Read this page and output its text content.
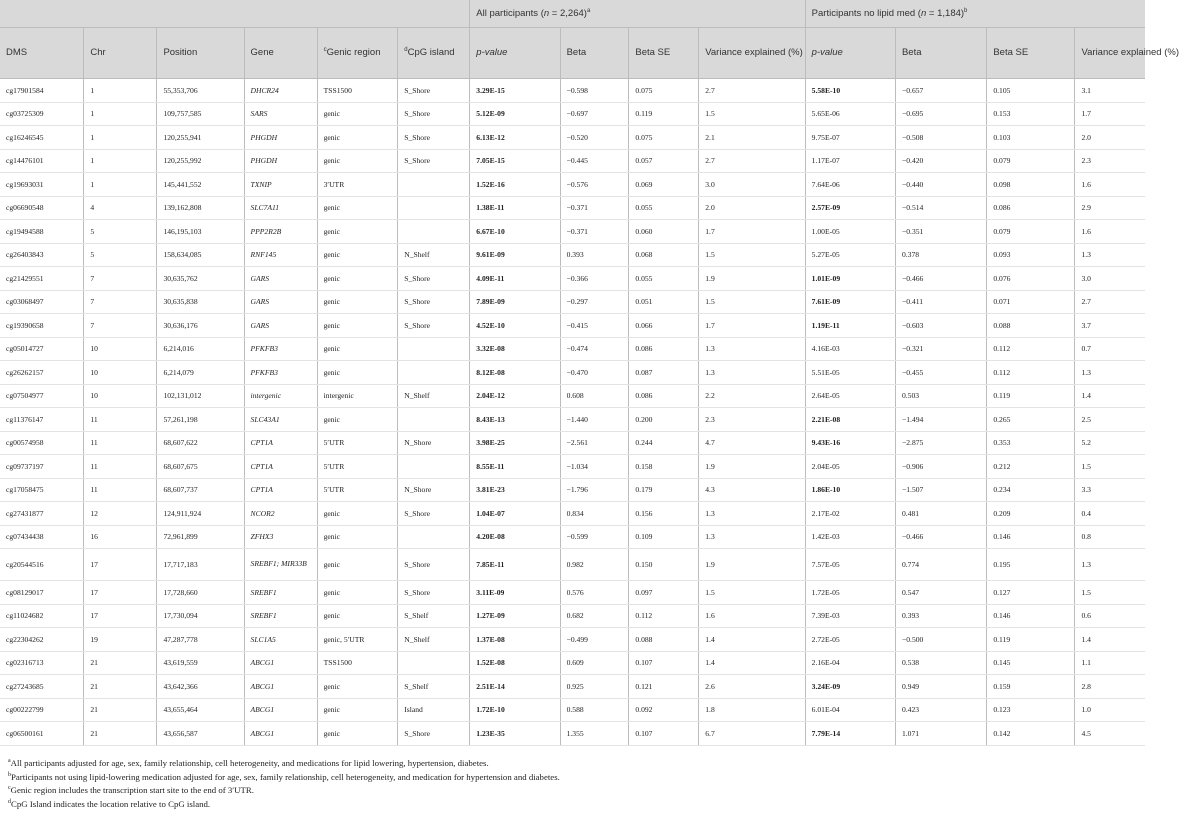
						All participants (n = 2,264)$^a$				Participants no lipid med (n = 1,184)$^b$
DMS	Chr	Position	Gene	$^c$Genic region	$^d$CpG island	p-value	Beta	Beta SE	Variance explained (%)	p-value	Beta	Beta SE	Variance explained (%)
cg17901584	1	55,353,706	DHCR24	TSS1500	S_Shore	3.29E-15	−0.598	0.075	2.7	5.58E-10	−0.657	0.105	3.1
cg03725309	1	109,757,585	SARS	genic	S_Shore	5.12E-09	−0.697	0.119	1.5	5.65E-06	−0.695	0.153	1.7
cg16246545	1	120,255,941	PHGDH	genic	S_Shore	6.13E-12	−0.520	0.075	2.1	9.75E-07	−0.508	0.103	2.0
cg14476101	1	120,255,992	PHGDH	genic	S_Shore	7.05E-15	−0.445	0.057	2.7	1.17E-07	−0.420	0.079	2.3
cg19693031	1	145,441,552	TXNIP	3′UTR		1.52E-16	−0.576	0.069	3.0	7.64E-06	−0.440	0.098	1.6
cg06690548	4	139,162,808	SLC7A11	genic		1.38E-11	−0.371	0.055	2.0	2.57E-09	−0.514	0.086	2.9
cg19494588	5	146,195,103	PPP2R2B	genic		6.67E-10	−0.371	0.060	1.7	1.00E-05	−0.351	0.079	1.6
cg26403843	5	158,634,085	RNF145	genic	N_Shelf	9.61E-09	0.393	0.068	1.5	5.27E-05	0.378	0.093	1.3
cg21429551	7	30,635,762	GARS	genic	S_Shore	4.09E-11	−0.366	0.055	1.9	1.01E-09	−0.466	0.076	3.0
cg03068497	7	30,635,838	GARS	genic	S_Shore	7.89E-09	−0.297	0.051	1.5	7.61E-09	−0.411	0.071	2.7
cg19390658	7	30,636,176	GARS	genic	S_Shore	4.52E-10	−0.415	0.066	1.7	1.19E-11	−0.603	0.088	3.7
cg05014727	10	6,214,016	PFKFB3	genic		3.32E-08	−0.474	0.086	1.3	4.16E-03	−0.321	0.112	0.7
cg26262157	10	6,214,079	PFKFB3	genic		8.12E-08	−0.470	0.087	1.3	5.51E-05	−0.455	0.112	1.3
cg07504977	10	102,131,012	intergenic	intergenic	N_Shelf	2.04E-12	0.608	0.086	2.2	2.64E-05	0.503	0.119	1.4
cg11376147	11	57,261,198	SLC43A1	genic		8.43E-13	−1.440	0.200	2.3	2.21E-08	−1.494	0.265	2.5
cg00574958	11	68,607,622	CPT1A	5′UTR	N_Shore	3.98E-25	−2.561	0.244	4.7	9.43E-16	−2.875	0.353	5.2
cg09737197	11	68,607,675	CPT1A	5′UTR		8.55E-11	−1.034	0.158	1.9	2.04E-05	−0.906	0.212	1.5
cg17058475	11	68,607,737	CPT1A	5′UTR	N_Shore	3.81E-23	−1.796	0.179	4.3	1.86E-10	−1.507	0.234	3.3
cg27431877	12	124,911,924	NCOR2	genic	S_Shore	1.04E-07	0.834	0.156	1.3	2.17E-02	0.481	0.209	0.4
cg07434438	16	72,961,899	ZFHX3	genic		4.20E-08	−0.599	0.109	1.3	1.42E-03	−0.466	0.146	0.8
cg20544516	17	17,717,183	SREBF1; MIR33B	genic	S_Shore	7.85E-11	0.982	0.150	1.9	7.57E-05	0.774	0.195	1.3
cg08129017	17	17,728,660	SREBF1	genic	S_Shore	3.11E-09	0.576	0.097	1.5	1.72E-05	0.547	0.127	1.5
cg11024682	17	17,730,094	SREBF1	genic	S_Shelf	1.27E-09	0.682	0.112	1.6	7.39E-03	0.393	0.146	0.6
cg22304262	19	47,287,778	SLC1A5	genic, 5′UTR	N_Shelf	1.37E-08	−0.499	0.088	1.4	2.72E-05	−0.500	0.119	1.4
cg02316713	21	43,619,559	ABCG1	TSS1500		1.52E-08	0.609	0.107	1.4	2.16E-04	0.538	0.145	1.1
cg27243685	21	43,642,366	ABCG1	genic	S_Shelf	2.51E-14	0.925	0.121	2.6	3.24E-09	0.949	0.159	2.8
cg00222799	21	43,655,464	ABCG1	genic	Island	1.72E-10	0.588	0.092	1.8	6.01E-04	0.423	0.123	1.0
cg06500161	21	43,656,587	ABCG1	genic	S_Shore	1.23E-35	1.355	0.107	6.7	7.79E-14	1.071	0.142	4.5
$^a$All participants adjusted for age, sex, family relationship, cell heterogeneity, and medications for lipid lowering, hypertension, diabetes.
$^b$Participants not using lipid-lowering medication adjusted for age, sex, family relationship, cell heterogeneity, and medication for hypertension and diabetes.
$^c$Genic region includes the transcription start site to the end of 3′UTR.
$^d$CpG Island indicates the location relative to CpG island.
